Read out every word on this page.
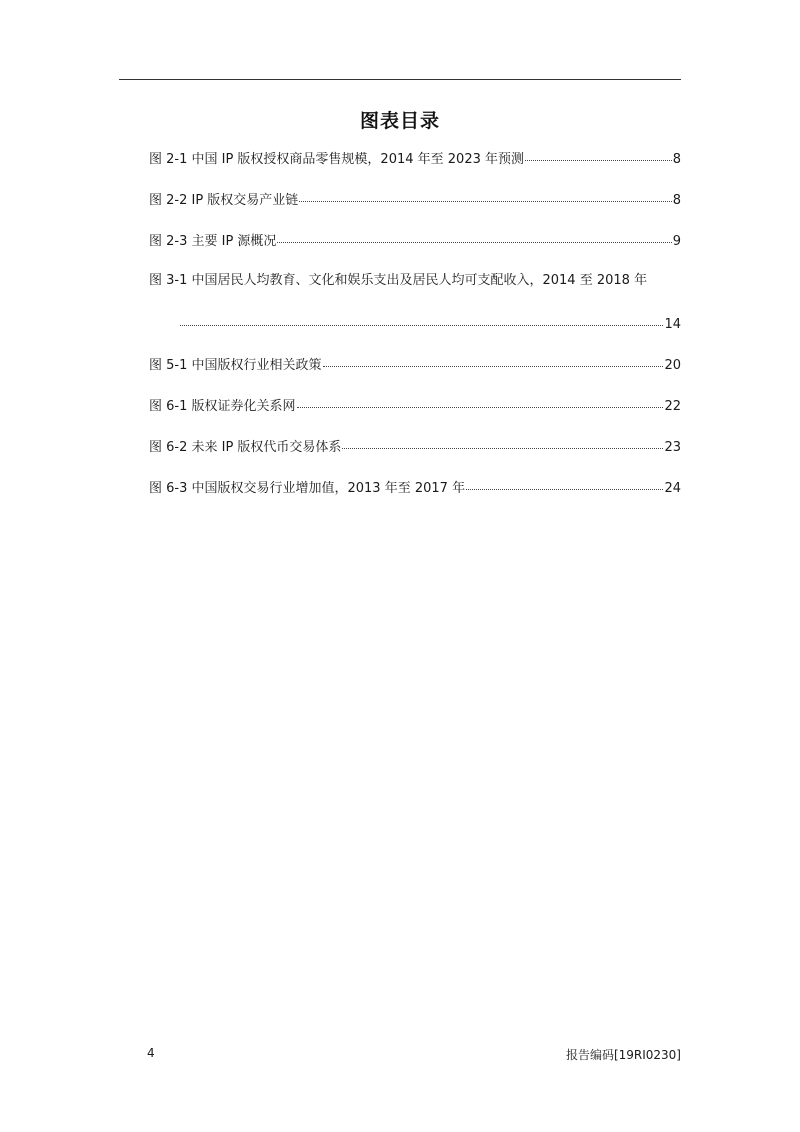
图表目录
图 2-1 中国 IP 版权授权商品零售规模，2014 年至 2023 年预测	8
图 2-2 IP 版权交易产业链	8
图 2-3 主要 IP 源概况	9
图 3-1 中国居民人均教育、文化和娱乐支出及居民人均可支配收入，2014 至 2018 年
14
图 5-1 中国版权行业相关政策	20
图 6-1 版权证券化关系网	22
图 6-2 未来 IP 版权代币交易体系	23
图 6-3 中国版权交易行业增加值，2013 年至 2017 年	24
4	报告编码[19RI0230]
